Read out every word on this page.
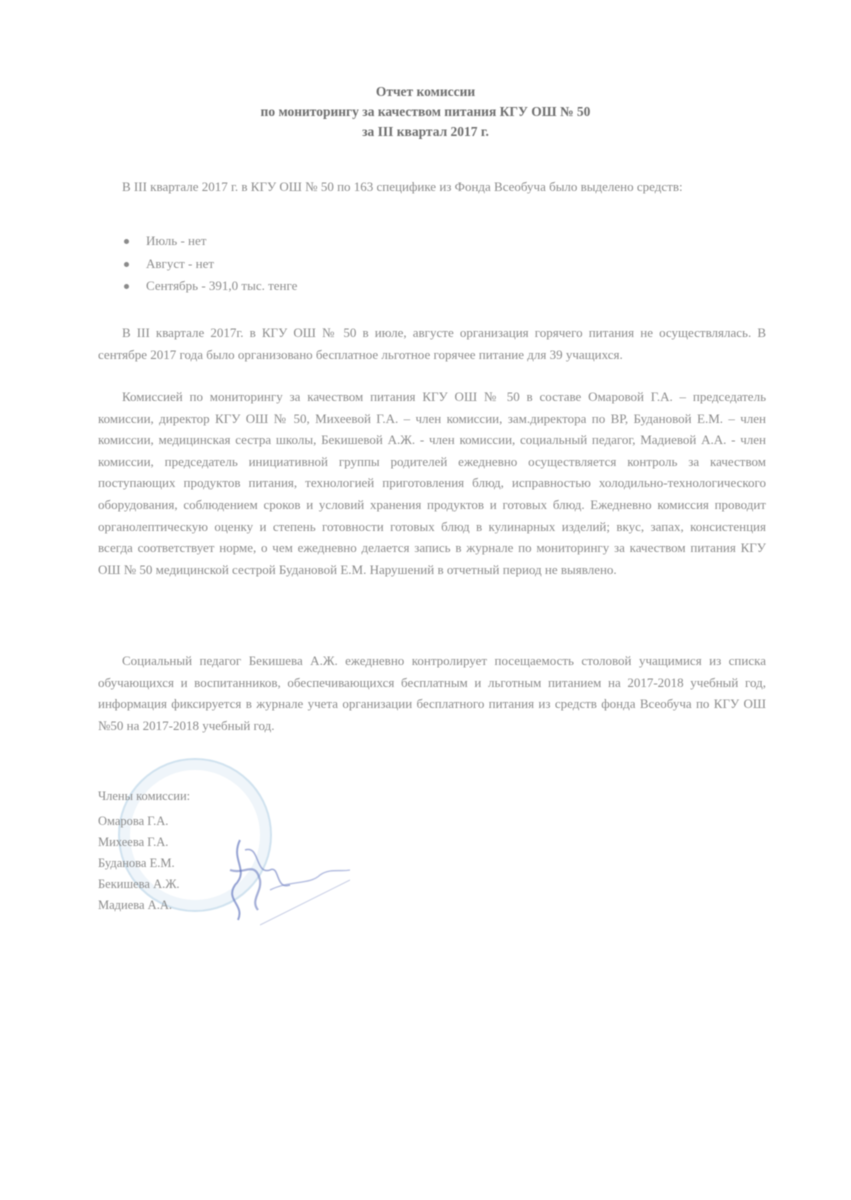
Отчет комиссии
по мониторингу за качеством питания КГУ ОШ № 50
за III квартал 2017 г.
В III квартале 2017 г. в КГУ ОШ № 50 по 163 специфике из Фонда Всеобуча было выделено средств:
Июль - нет
Август - нет
Сентябрь - 391,0 тыс. тенге
В III квартале 2017г. в КГУ ОШ № 50 в июле, августе организация горячего питания не осуществлялась. В сентябре 2017 года было организовано бесплатное льготное горячее питание для 39 учащихся.
Комиссией по мониторингу за качеством питания КГУ ОШ № 50 в составе Омаровой Г.А. – председатель комиссии, директор КГУ ОШ № 50, Михеевой Г.А. – член комиссии, зам.директора по ВР, Будановой Е.М. – член комиссии, медицинская сестра школы, Бекишевой А.Ж. - член комиссии, социальный педагог, Мадиевой А.А. - член комиссии, председатель инициативной группы родителей ежедневно осуществляется контроль за качеством поступающих продуктов питания, технологией приготовления блюд, исправностью холодильно-технологического оборудования, соблюдением сроков и условий хранения продуктов и готовых блюд. Ежедневно комиссия проводит органолептическую оценку и степень готовности готовых блюд в кулинарных изделий; вкус, запах, консистенция всегда соответствует норме, о чем ежедневно делается запись в журнале по мониторингу за качеством питания КГУ ОШ № 50 медицинской сестрой Будановой Е.М. Нарушений в отчетный период не выявлено.
Социальный педагог Бекишева А.Ж. ежедневно контролирует посещаемость столовой учащимися из списка обучающихся и воспитанников, обеспечивающихся бесплатным и льготным питанием на 2017-2018 учебный год, информация фиксируется в журнале учета организации бесплатного питания из средств фонда Всеобуча по КГУ ОШ №50 на 2017-2018 учебный год.
Члены комиссии:
Омарова Г.А.
Михеева Г.А.
Буданова Е.М.
Бекишева А.Ж.
Мадиева А.А.
